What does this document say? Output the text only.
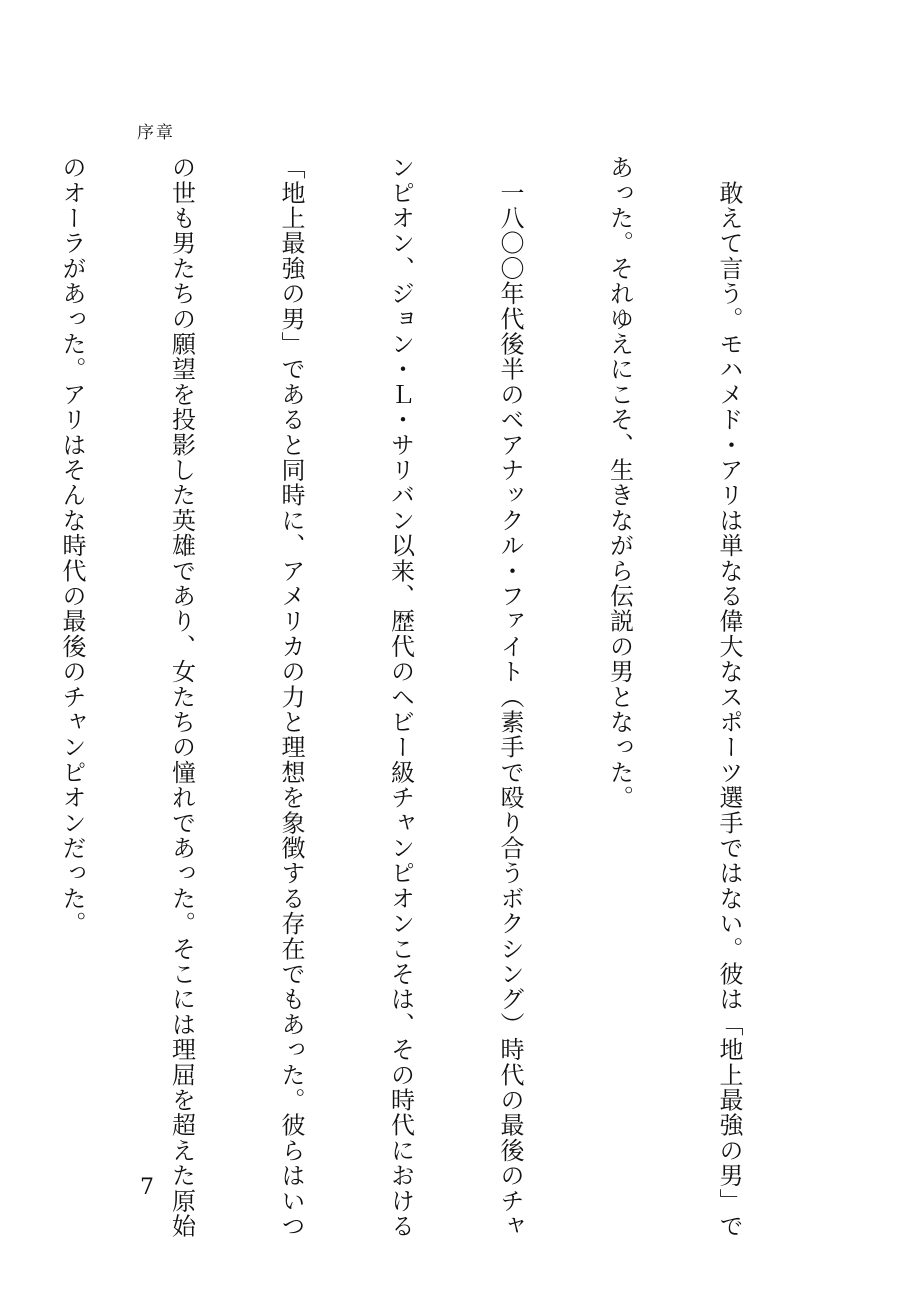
序章

　敢えて言う。モハメド・アリは単なる偉大なスポーツ選手ではない。彼は「地上最強の男」で

あった。それゆえにこそ、生きながら伝説の男となった。

　一八〇〇年代後半のベアナックル・ファイト（素手で殴り合うボクシング）時代の最後のチャ

ンピオン、ジョン・Ｌ・サリバン以来、歴代のヘビー級チャンピオンこそは、その時代における

「地上最強の男」であると同時に、アメリカの力と理想を象徴する存在でもあった。彼らはいつ

の世も男たちの願望を投影した英雄であり、女たちの憧れであった。そこには理屈を超えた原始

のオーラがあった。アリはそんな時代の最後のチャンピオンだった。

7
